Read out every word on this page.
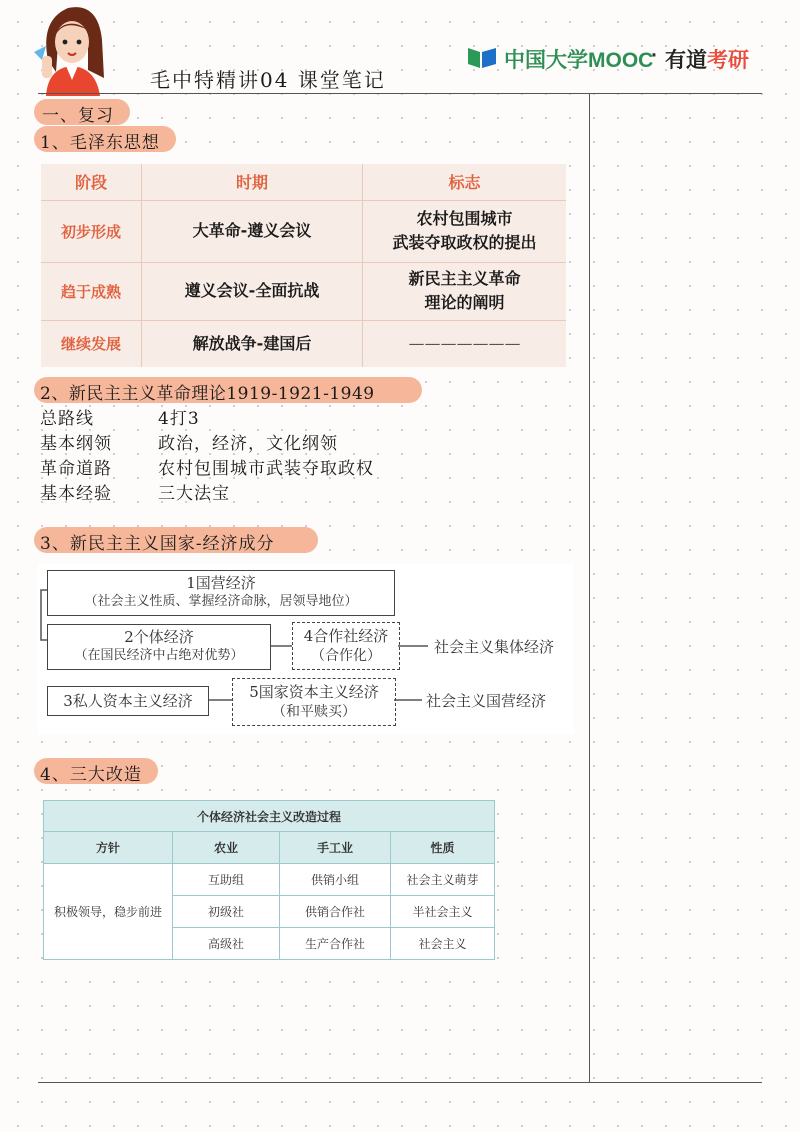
毛中特精讲04 课堂笔记
中国大学MOOC
· 有道考研
一、复习
1、毛泽东思想
阶段	时期	标志
初步形成	大革命-遵义会议	农村包围城市
武装夺取政权的提出

趋于成熟	遵义会议-全面抗战	新民主主义革命
理论的阐明

继续发展	解放战争-建国后	———————
2、新民主主义革命理论1919-1921-1949
总路线	4打3
基本纲领	政治，经济，文化纲领
革命道路	农村包围城市武装夺取政权
基本经验	三大法宝
3、新民主主义国家-经济成分
1国营经济
（社会主义性质、掌握经济命脉，居领导地位）
2个体经济
（在国民经济中占绝对优势）
4合作社经济
（合作化）	社会主义集体经济
3私人资本主义经济	5国家资本主义经济
（和平赎买）
社会主义国营经济
4、三大改造
个体经济社会主义改造过程			
方针	农业	手工业	性质
积极领导，稳步前进	互助组	供销小组	社会主义萌芽
	初级社	供销合作社	半社会主义
	高级社	生产合作社	社会主义
